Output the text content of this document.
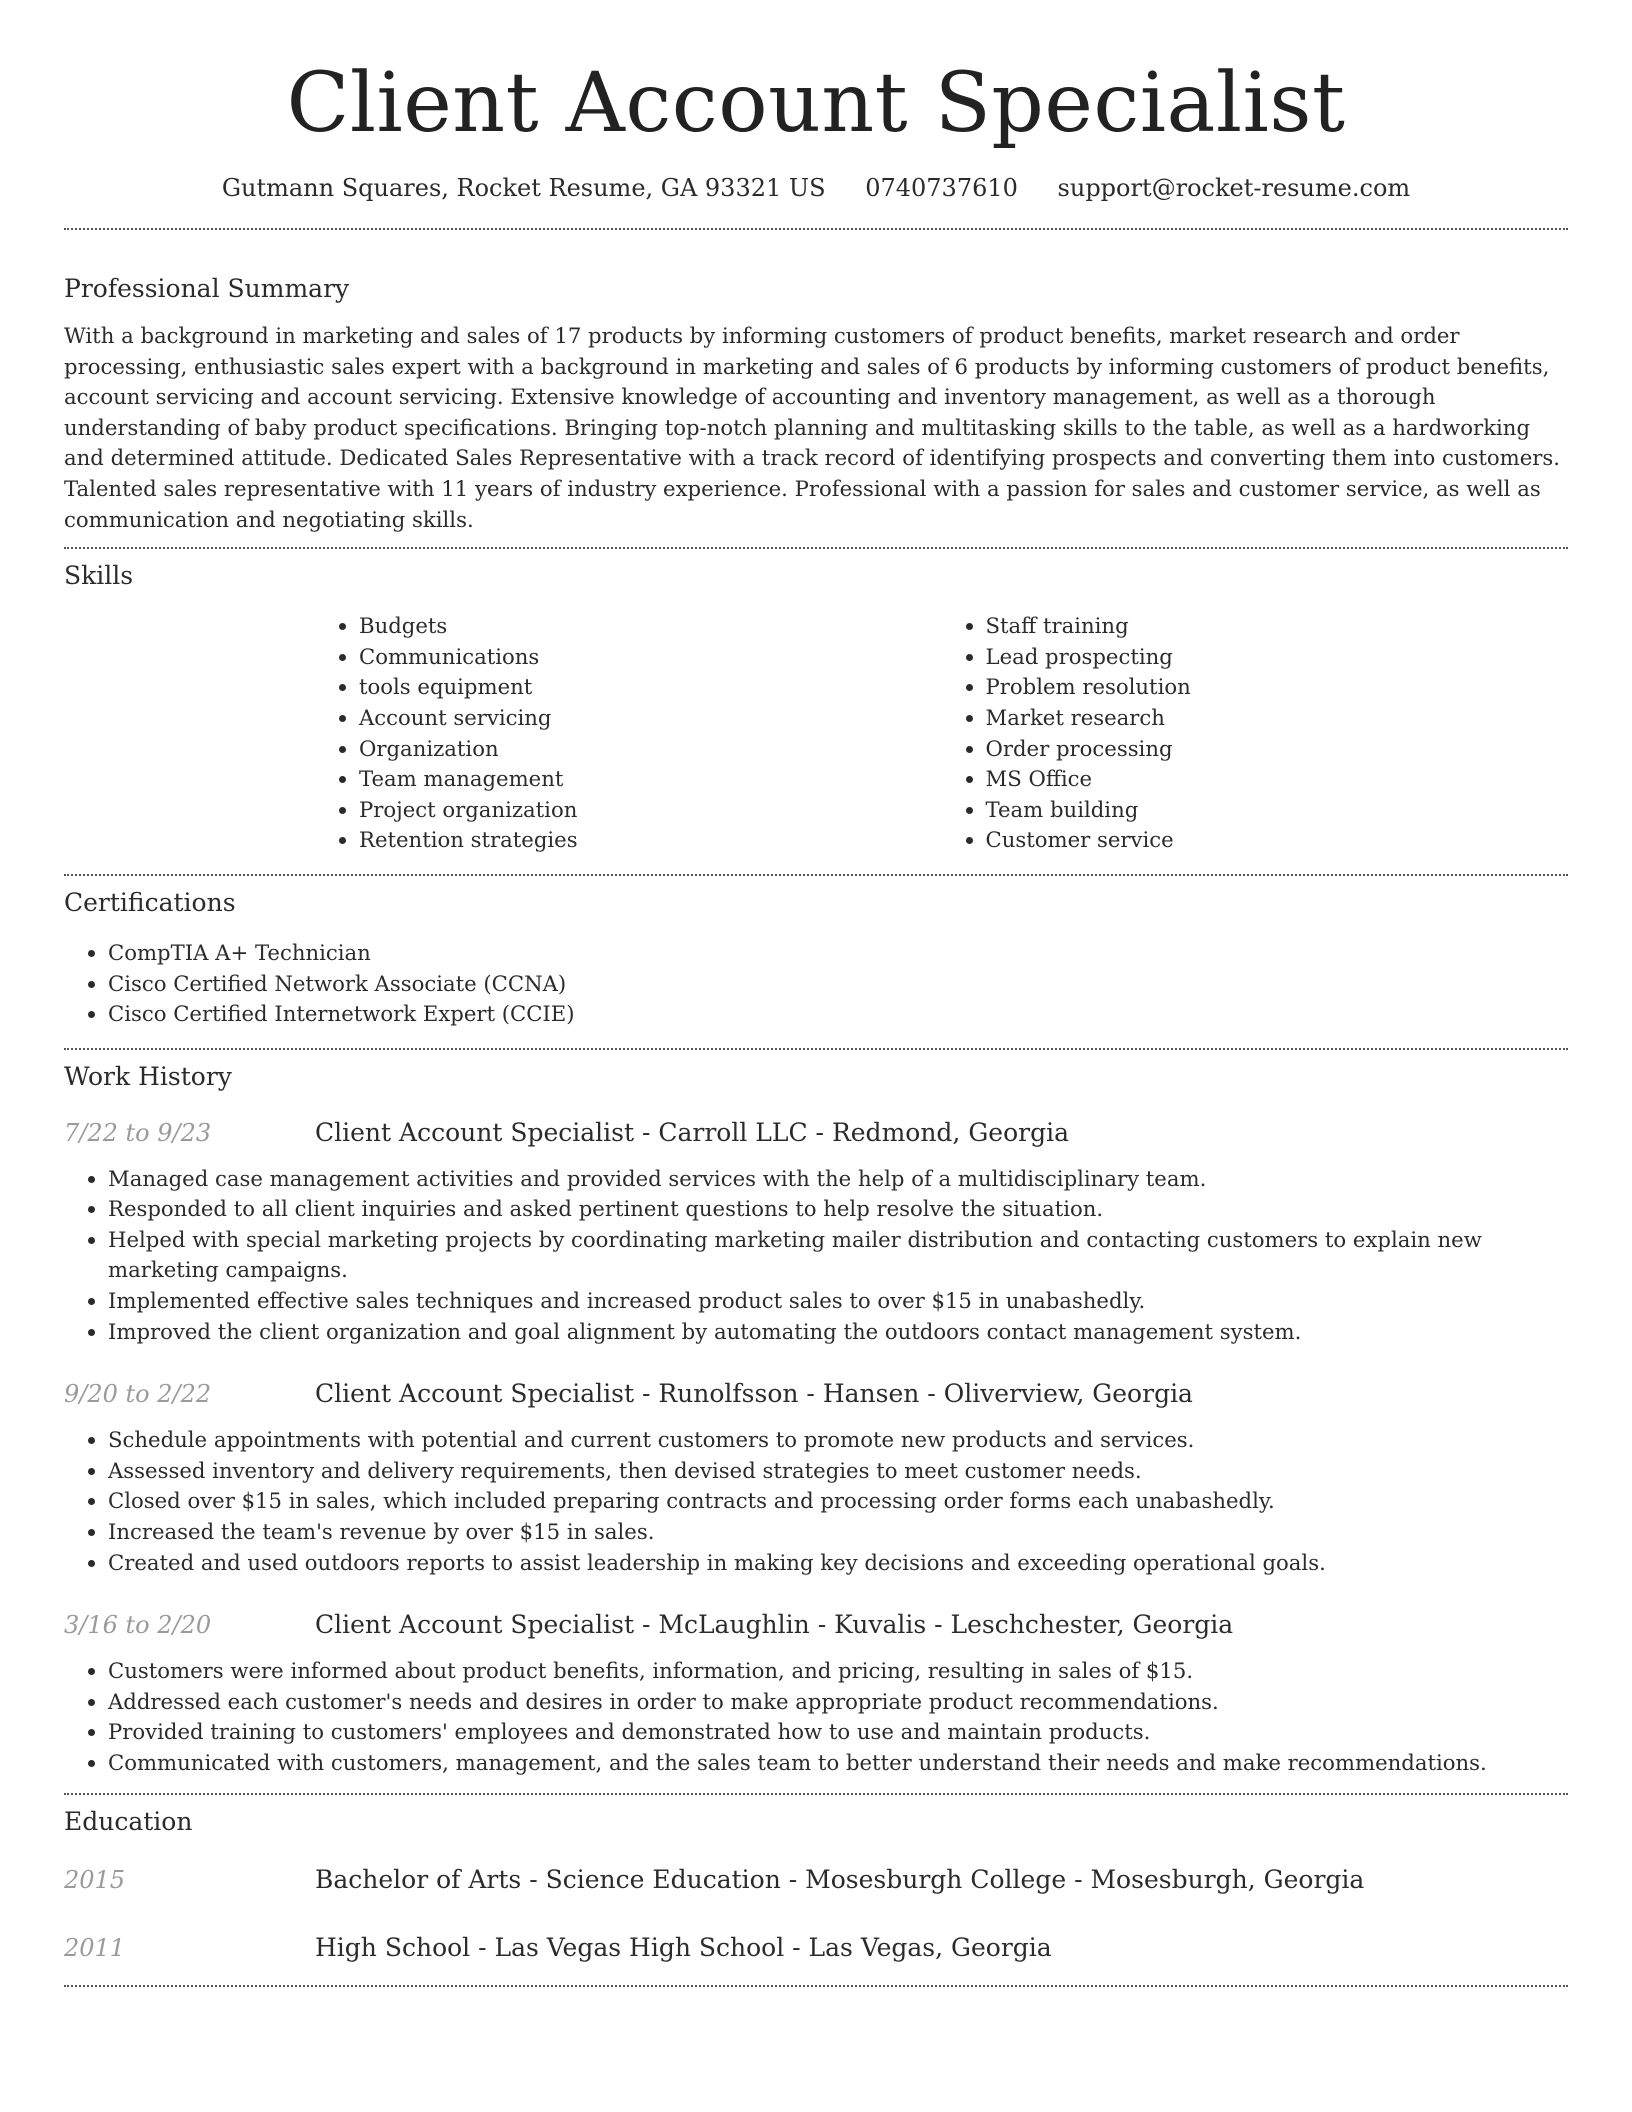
Client Account Specialist
Gutmann Squares, Rocket Resume, GA 93321 US 0740737610 support@rocket-resume.com
Professional Summary

With a background in marketing and sales of 17 products by informing customers of product benefits, market research and order processing, enthusiastic sales expert with a background in marketing and sales of 6 products by informing customers of product benefits, account servicing and account servicing. Extensive knowledge of accounting and inventory management, as well as a thorough understanding of baby product specifications. Bringing top-notch planning and multitasking skills to the table, as well as a hardworking and determined attitude. Dedicated Sales Representative with a track record of identifying prospects and converting them into customers. Talented sales representative with 11 years of industry experience. Professional with a passion for sales and customer service, as well as communication and negotiating skills.

Skills
• Budgets
• Communications
• tools equipment
• Account servicing
• Organization
• Team management
• Project organization
• Retention strategies
• Staff training
• Lead prospecting
• Problem resolution
• Market research
• Order processing
• MS Office
• Team building
• Customer service
Certifications
• CompTIA A+ Technician
• Cisco Certified Network Associate (CCNA)
• Cisco Certified Internetwork Expert (CCIE)
Work History
7/22 to 9/23	Client Account Specialist - Carroll LLC - Redmond, Georgia
• Managed case management activities and provided services with the help of a multidisciplinary team.
• Responded to all client inquiries and asked pertinent questions to help resolve the situation.
• Helped with special marketing projects by coordinating marketing mailer distribution and contacting customers to explain new marketing campaigns.
• Implemented effective sales techniques and increased product sales to over $15 in unabashedly.
• Improved the client organization and goal alignment by automating the outdoors contact management system.
9/20 to 2/22	Client Account Specialist - Runolfsson - Hansen - Oliverview, Georgia
• Schedule appointments with potential and current customers to promote new products and services.
• Assessed inventory and delivery requirements, then devised strategies to meet customer needs.
• Closed over $15 in sales, which included preparing contracts and processing order forms each unabashedly.
• Increased the team's revenue by over $15 in sales.
• Created and used outdoors reports to assist leadership in making key decisions and exceeding operational goals.
3/16 to 2/20	Client Account Specialist - McLaughlin - Kuvalis - Leschchester, Georgia
• Customers were informed about product benefits, information, and pricing, resulting in sales of $15.
• Addressed each customer's needs and desires in order to make appropriate product recommendations.
• Provided training to customers' employees and demonstrated how to use and maintain products.
• Communicated with customers, management, and the sales team to better understand their needs and make recommendations.
Education
2015	Bachelor of Arts - Science Education - Mosesburgh College - Mosesburgh, Georgia
2011	High School - Las Vegas High School - Las Vegas, Georgia
